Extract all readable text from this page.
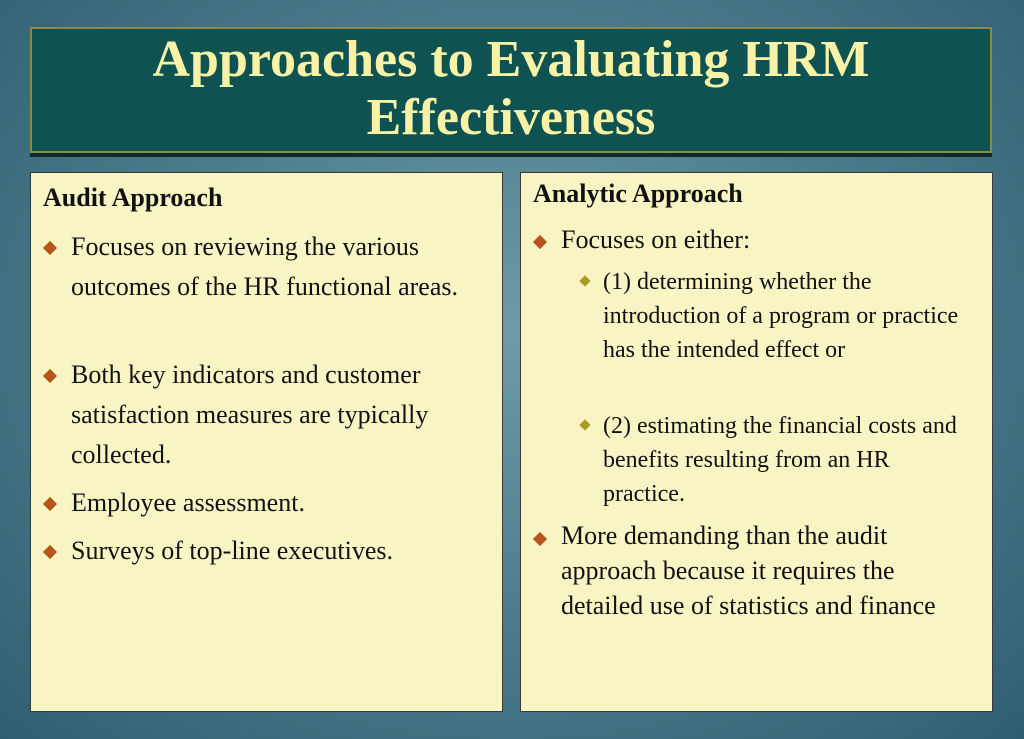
Approaches to Evaluating HRM
Effectiveness
Audit Approach
Focuses on reviewing the various outcomes of the HR functional areas.
Both key indicators and customer satisfaction measures are typically collected.
Employee assessment.
Surveys of top-line executives.
Analytic Approach
Focuses on either:
(1) determining whether the introduction of a program or practice has the intended effect or
(2) estimating the financial costs and benefits resulting from an HR practice.
More demanding than the audit approach because it requires the detailed use of statistics and finance
